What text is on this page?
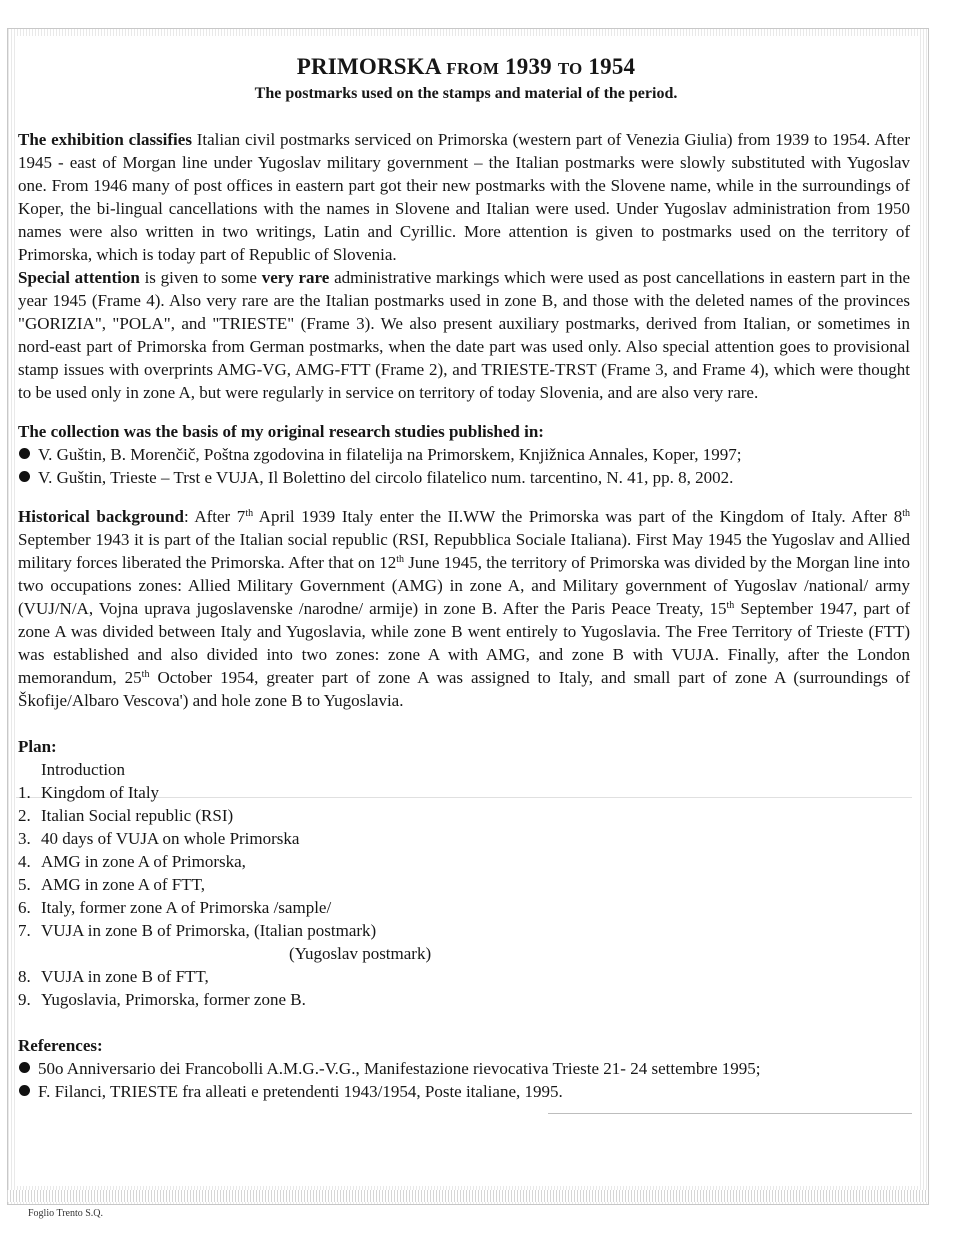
PRIMORSKA FROM 1939 TO 1954
The postmarks used on the stamps and material of the period.

The exhibition classifies Italian civil postmarks serviced on Primorska (western part of Venezia Giulia) from 1939 to 1954. After 1945 - east of Morgan line under Yugoslav military government – the Italian postmarks were slowly substituted with Yugoslav one. From 1946 many of post offices in eastern part got their new postmarks with the Slovene name, while in the surroundings of Koper, the bi-lingual cancellations with the names in Slovene and Italian were used. Under Yugoslav administration from 1950 names were also written in two writings, Latin and Cyrillic. More attention is given to postmarks used on the territory of Primorska, which is today part of Republic of Slovenia.

Special attention is given to some very rare administrative markings which were used as post cancellations in eastern part in the year 1945 (Frame 4). Also very rare are the Italian postmarks used in zone B, and those with the deleted names of the provinces "GORIZIA", "POLA", and "TRIESTE" (Frame 3). We also present auxiliary postmarks, derived from Italian, or sometimes in nord-east part of Primorska from German postmarks, when the date part was used only. Also special attention goes to provisional stamp issues with overprints AMG-VG, AMG-FTT (Frame 2), and TRIESTE-TRST (Frame 3, and Frame 4), which were thought to be used only in zone A, but were regularly in service on territory of today Slovenia, and are also very rare.

The collection was the basis of my original research studies published in:
V. Guštin, B. Morenčič, Poštna zgodovina in filatelija na Primorskem, Knjižnica Annales, Koper, 1997;
V. Guštin, Trieste – Trst e VUJA, Il Bolettino del circolo filatelico num. tarcentino, N. 41, pp. 8, 2002.

Historical background: After 7th April 1939 Italy enter the II.WW the Primorska was part of the Kingdom of Italy. After 8th September 1943 it is part of the Italian social republic (RSI, Repubblica Sociale Italiana). First May 1945 the Yugoslav and Allied military forces liberated the Primorska. After that on 12th June 1945, the territory of Primorska was divided by the Morgan line into two occupations zones: Allied Military Government (AMG) in zone A, and Military government of Yugoslav /national/ army (VUJ/N/A, Vojna uprava jugoslavenske /narodne/ armije) in zone B. After the Paris Peace Treaty, 15th September 1947, part of zone A was divided between Italy and Yugoslavia, while zone B went entirely to Yugoslavia. The Free Territory of Trieste (FTT) was established and also divided into two zones: zone A with AMG, and zone B with VUJA. Finally, after the London memorandum, 25th October 1954, greater part of zone A was assigned to Italy, and small part of zone A (surroundings of Škofije/Albaro Vescova') and hole zone B to Yugoslavia.

Plan:
Introduction
1. Kingdom of Italy
2. Italian Social republic (RSI)
3. 40 days of VUJA on whole Primorska
4. AMG in zone A of Primorska,
5. AMG in zone A of FTT,
6. Italy, former zone A of Primorska /sample/
7. VUJA in zone B of Primorska, (Italian postmark)
(Yugoslav postmark)
8. VUJA in zone B of FTT,
9. Yugoslavia, Primorska, former zone B.
References:
50o Anniversario dei Francobolli A.M.G.-V.G., Manifestazione rievocativa Trieste 21- 24 settembre 1995;
F. Filanci, TRIESTE fra alleati e pretendenti 1943/1954, Poste italiane, 1995.
Foglio Trento S.Q.
